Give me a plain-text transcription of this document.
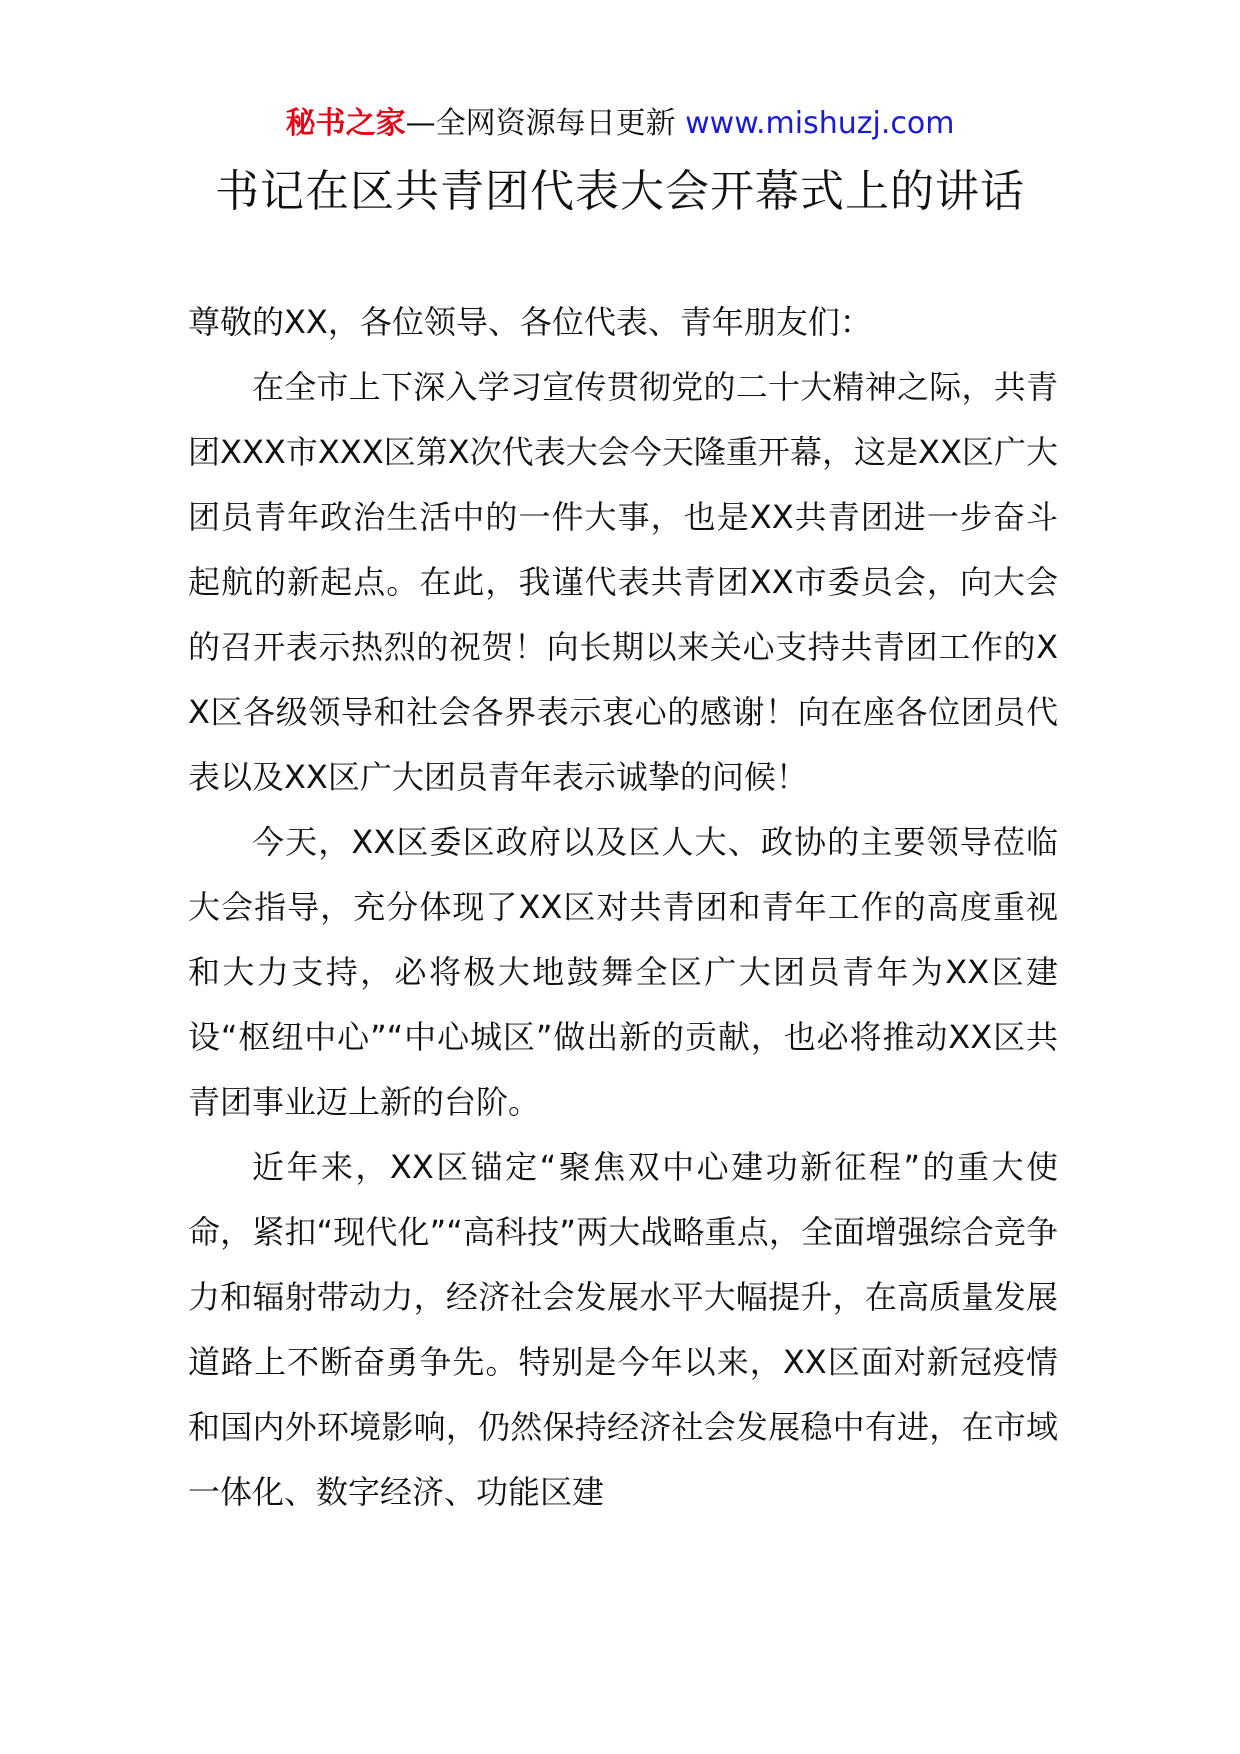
秘书之家—全网资源每日更新 www.mishuzj.com
书记在区共青团代表大会开幕式上的讲话

尊敬的XX，各位领导、各位代表、青年朋友们：

在全市上下深入学习宣传贯彻党的二十大精神之际，共青团XXX市XXX区第X次代表大会今天隆重开幕，这是XX区广大团员青年政治生活中的一件大事，也是XX共青团进一步奋斗起航的新起点。在此，我谨代表共青团XX市委员会，向大会的召开表示热烈的祝贺！向长期以来关心支持共青团工作的XX区各级领导和社会各界表示衷心的感谢！向在座各位团员代表以及XX区广大团员青年表示诚挚的问候！

今天，XX区委区政府以及区人大、政协的主要领导莅临大会指导，充分体现了XX区对共青团和青年工作的高度重视和大力支持，必将极大地鼓舞全区广大团员青年为XX区建设“枢纽中心”“中心城区”做出新的贡献，也必将推动XX区共青团事业迈上新的台阶。

近年来，XX区锚定“聚焦双中心建功新征程”的重大使命，紧扣“现代化”“高科技”两大战略重点，全面增强综合竞争力和辐射带动力，经济社会发展水平大幅提升，在高质量发展道路上不断奋勇争先。特别是今年以来，XX区面对新冠疫情和国内外环境影响，仍然保持经济社会发展稳中有进，在市域一体化、数字经济、功能区建
